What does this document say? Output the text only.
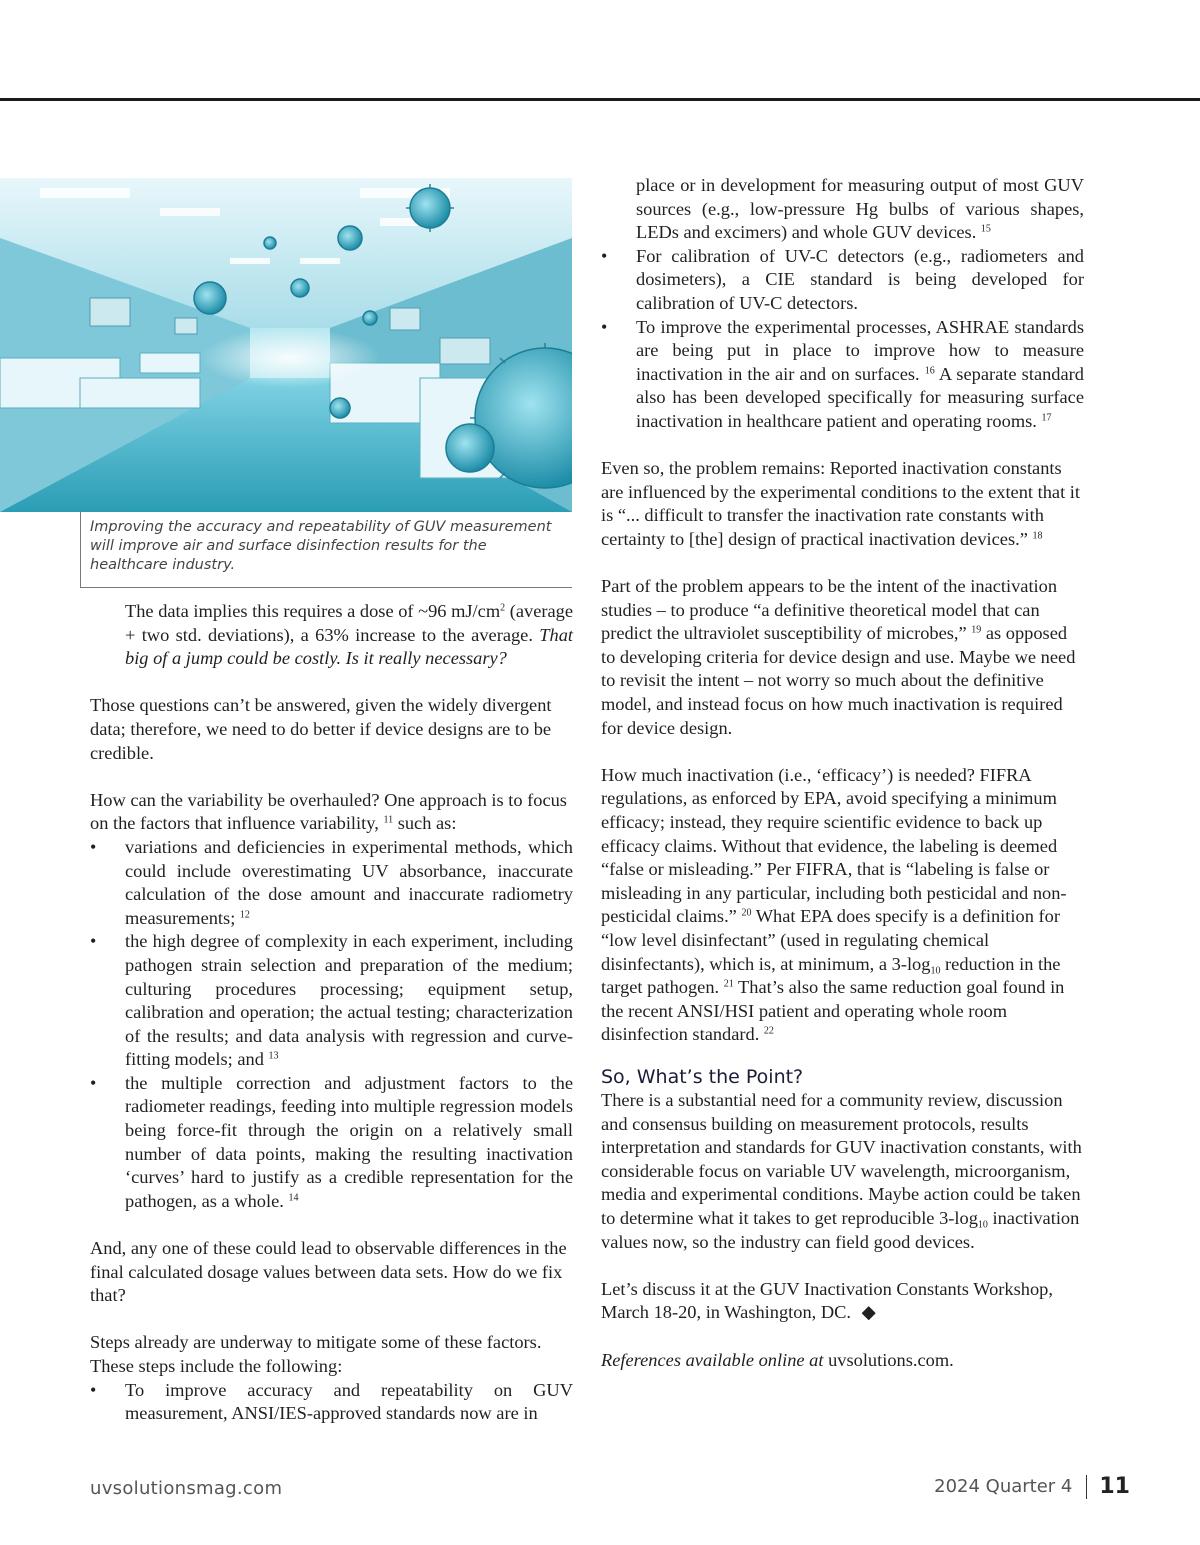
Improving the accuracy and repeatability of GUV measurement will improve air and surface disinfection results for the healthcare industry.

The data implies this requires a dose of ~96 $mJ/cm^2$ (average + two std. deviations), a 63% increase to the average. That big of a jump could be costly. Is it really necessary?

Those questions can’t be answered, given the widely divergent data; therefore, we need to do better if device designs are to be credible.

How can the variability be overhauled? One approach is to focus on the factors that influence variability, $^{11}$ such as:

• variations and deficiencies in experimental methods, which could include overestimating UV absorbance, inaccurate calculation of the dose amount and inaccurate radiometry measurements; $^{12}$
• the high degree of complexity in each experiment, including pathogen strain selection and preparation of the medium; culturing procedures processing; equipment setup, calibration and operation; the actual testing; characterization of the results; and data analysis with regression and curve-fitting models; and $^{13}$
• the multiple correction and adjustment factors to the radiometer readings, feeding into multiple regression models being force-fit through the origin on a relatively small number of data points, making the resulting inactivation ‘curves’ hard to justify as a credible representation for the pathogen, as a whole. $^{14}$

And, any one of these could lead to observable differences in the final calculated dosage values between data sets. How do we fix that?

Steps already are underway to mitigate some of these factors. These steps include the following:

• To improve accuracy and repeatability on GUV measurement, ANSI/IES-approved standards now are in

place or in development for measuring output of most GUV sources (e.g., low-pressure Hg bulbs of various shapes, LEDs and excimers) and whole GUV devices. $^{15}$

• For calibration of UV-C detectors (e.g., radiometers and dosimeters), a CIE standard is being developed for calibration of UV-C detectors.
• To improve the experimental processes, ASHRAE standards are being put in place to improve how to measure inactivation in the air and on surfaces. $^{16}$ A separate standard also has been developed specifically for measuring surface inactivation in healthcare patient and operating rooms. $^{17}$

Even so, the problem remains: Reported inactivation constants are influenced by the experimental conditions to the extent that it is “... difficult to transfer the inactivation rate constants with certainty to [the] design of practical inactivation devices.” $^{18}$

Part of the problem appears to be the intent of the inactivation studies – to produce “a definitive theoretical model that can predict the ultraviolet susceptibility of microbes,” $^{19}$ as opposed to developing criteria for device design and use. Maybe we need to revisit the intent – not worry so much about the definitive model, and instead focus on how much inactivation is required for device design.

How much inactivation (i.e., ‘efficacy’) is needed? FIFRA regulations, as enforced by EPA, avoid specifying a minimum efficacy; instead, they require scientific evidence to back up efficacy claims. Without that evidence, the labeling is deemed “false or misleading.” Per FIFRA, that is “labeling is false or misleading in any particular, including both pesticidal and non-pesticidal claims.” $^{20}$ What EPA does specify is a definition for “low level disinfectant” (used in regulating chemical disinfectants), which is, at minimum, a $3-\log_{10}$ reduction in the target pathogen. $^{21}$ That’s also the same reduction goal found in the recent ANSI/HSI patient and operating whole room disinfection standard. $^{22}$

So, What’s the Point?

There is a substantial need for a community review, discussion and consensus building on measurement protocols, results interpretation and standards for GUV inactivation constants, with considerable focus on variable UV wavelength, microorganism, media and experimental conditions. Maybe action could be taken to determine what it takes to get reproducible $3-\log_{10}$ inactivation values now, so the industry can field good devices.

Let’s discuss it at the GUV Inactivation Constants Workshop, March 18-20, in Washington, DC. ◆

References available online at uvsolutions.com.

uvsolutionsmag.com	2024 Quarter 4 11
